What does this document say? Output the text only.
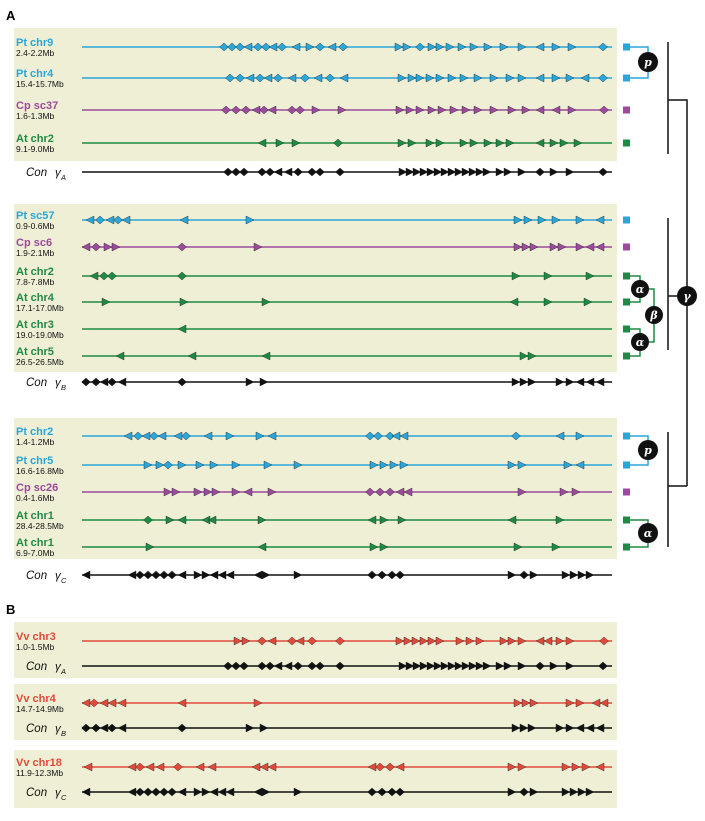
A
B
Pt chr9
2.4-2.2Mb
Pt chr4
15.4-15.7Mb
Cp sc37
1.6-1.3Mb
At chr2
9.1-9.0Mb
Con γ A
Pt sc57
0.9-0.6Mb
Cp sc6
1.9-2.1Mb
At chr2
7.8-7.8Mb
At chr4
17.1-17.0Mb
At chr3
19.0-19.0Mb
At chr5
26.5-26.5Mb
Con γ B
Pt chr2
1.4-1.2Mb
Pt chr5
16.6-16.8Mb
Cp sc26
0.4-1.6Mb
At chr1
28.4-28.5Mb
At chr1
6.9-7.0Mb
Con γ C
Vv chr3
1.0-1.5Mb
Con γ A
Vv chr4
14.7-14.9Mb
Con γ B
Vv chr18
11.9-12.3Mb
Con γ C
p
p
α
β
α
α
γ
